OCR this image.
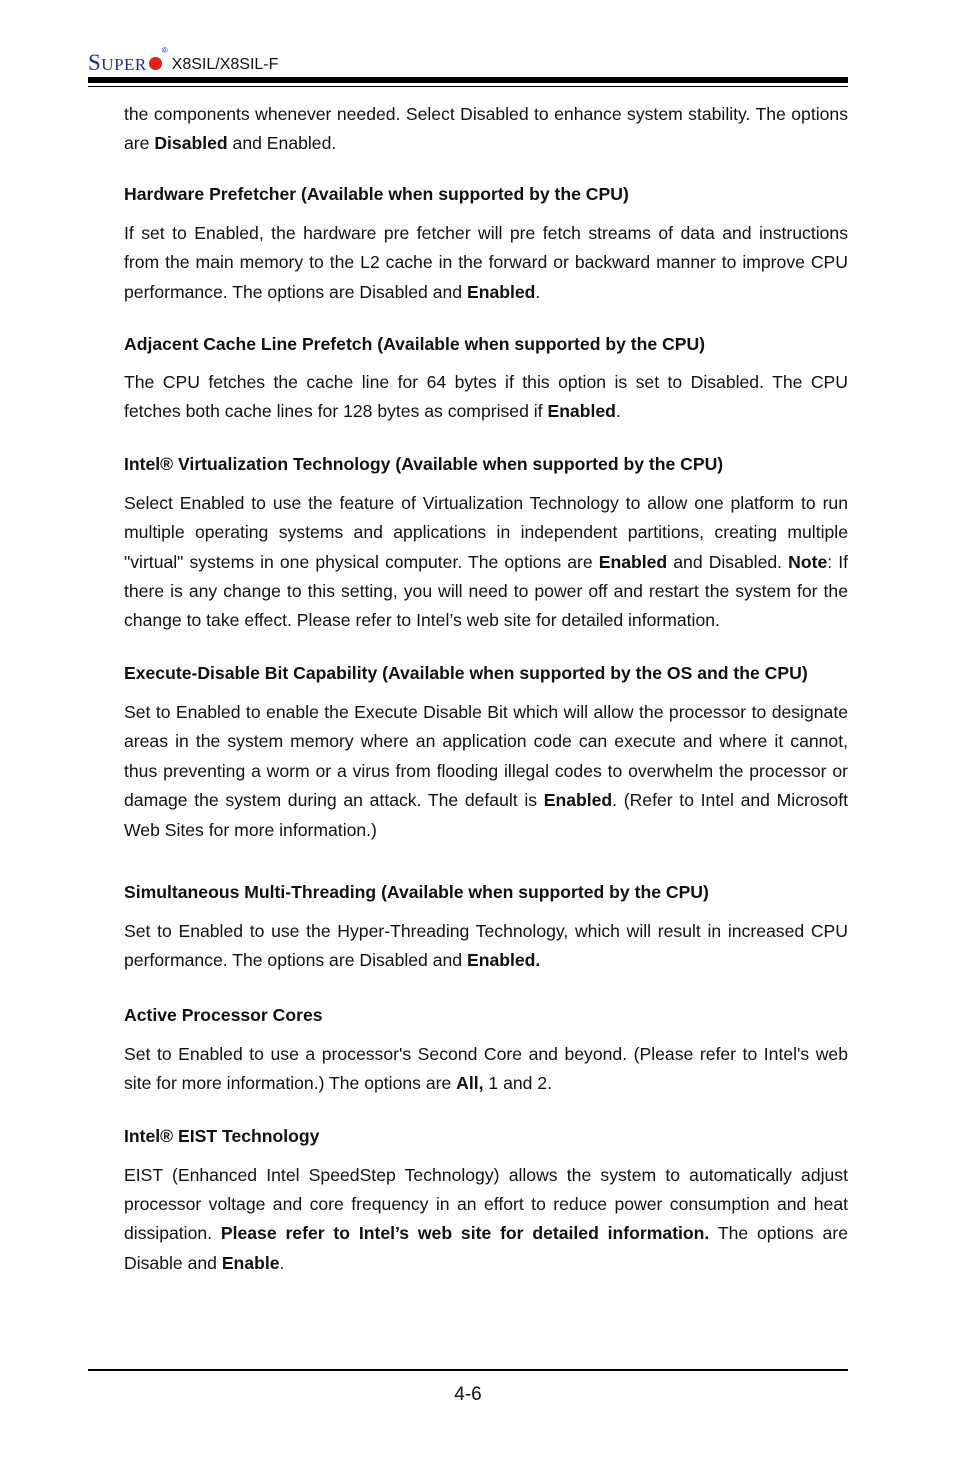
SUPER
®
X8SIL/X8SIL-F

the components whenever needed. Select Disabled to enhance system stability. The options are Disabled and Enabled.

Hardware Prefetcher (Available when supported by the CPU)

If set to Enabled, the hardware pre fetcher will pre fetch streams of data and instructions from the main memory to the L2 cache in the forward or backward manner to improve CPU performance. The options are Disabled and Enabled.

Adjacent Cache Line Prefetch (Available when supported by the CPU)

The CPU fetches the cache line for 64 bytes if this option is set to Disabled. The CPU fetches both cache lines for 128 bytes as comprised if Enabled.

Intel® Virtualization Technology (Available when supported by the CPU)

Select Enabled to use the feature of Virtualization Technology to allow one platform to run multiple operating systems and applications in independent partitions, creating multiple "virtual" systems in one physical computer. The options are Enabled and Disabled. Note: If there is any change to this setting, you will need to power off and restart the system for the change to take effect. Please refer to Intel’s web site for detailed information.

Execute-Disable Bit Capability (Available when supported by the OS and the CPU)

Set to Enabled to enable the Execute Disable Bit which will allow the processor to designate areas in the system memory where an application code can execute and where it cannot, thus preventing a worm or a virus from flooding illegal codes to overwhelm the processor or damage the system during an attack. The default is Enabled. (Refer to Intel and Microsoft Web Sites for more information.)

Simultaneous Multi-Threading (Available when supported by the CPU)

Set to Enabled to use the Hyper-Threading Technology, which will result in increased CPU performance. The options are Disabled and Enabled.

Active Processor Cores

Set to Enabled to use a processor's Second Core and beyond. (Please refer to Intel's web site for more information.) The options are All, 1 and 2.

Intel® EIST Technology

EIST (Enhanced Intel SpeedStep Technology) allows the system to automatically adjust processor voltage and core frequency in an effort to reduce power consumption and heat dissipation. Please refer to Intel’s web site for detailed information. The options are Disable and Enable.

4-6
